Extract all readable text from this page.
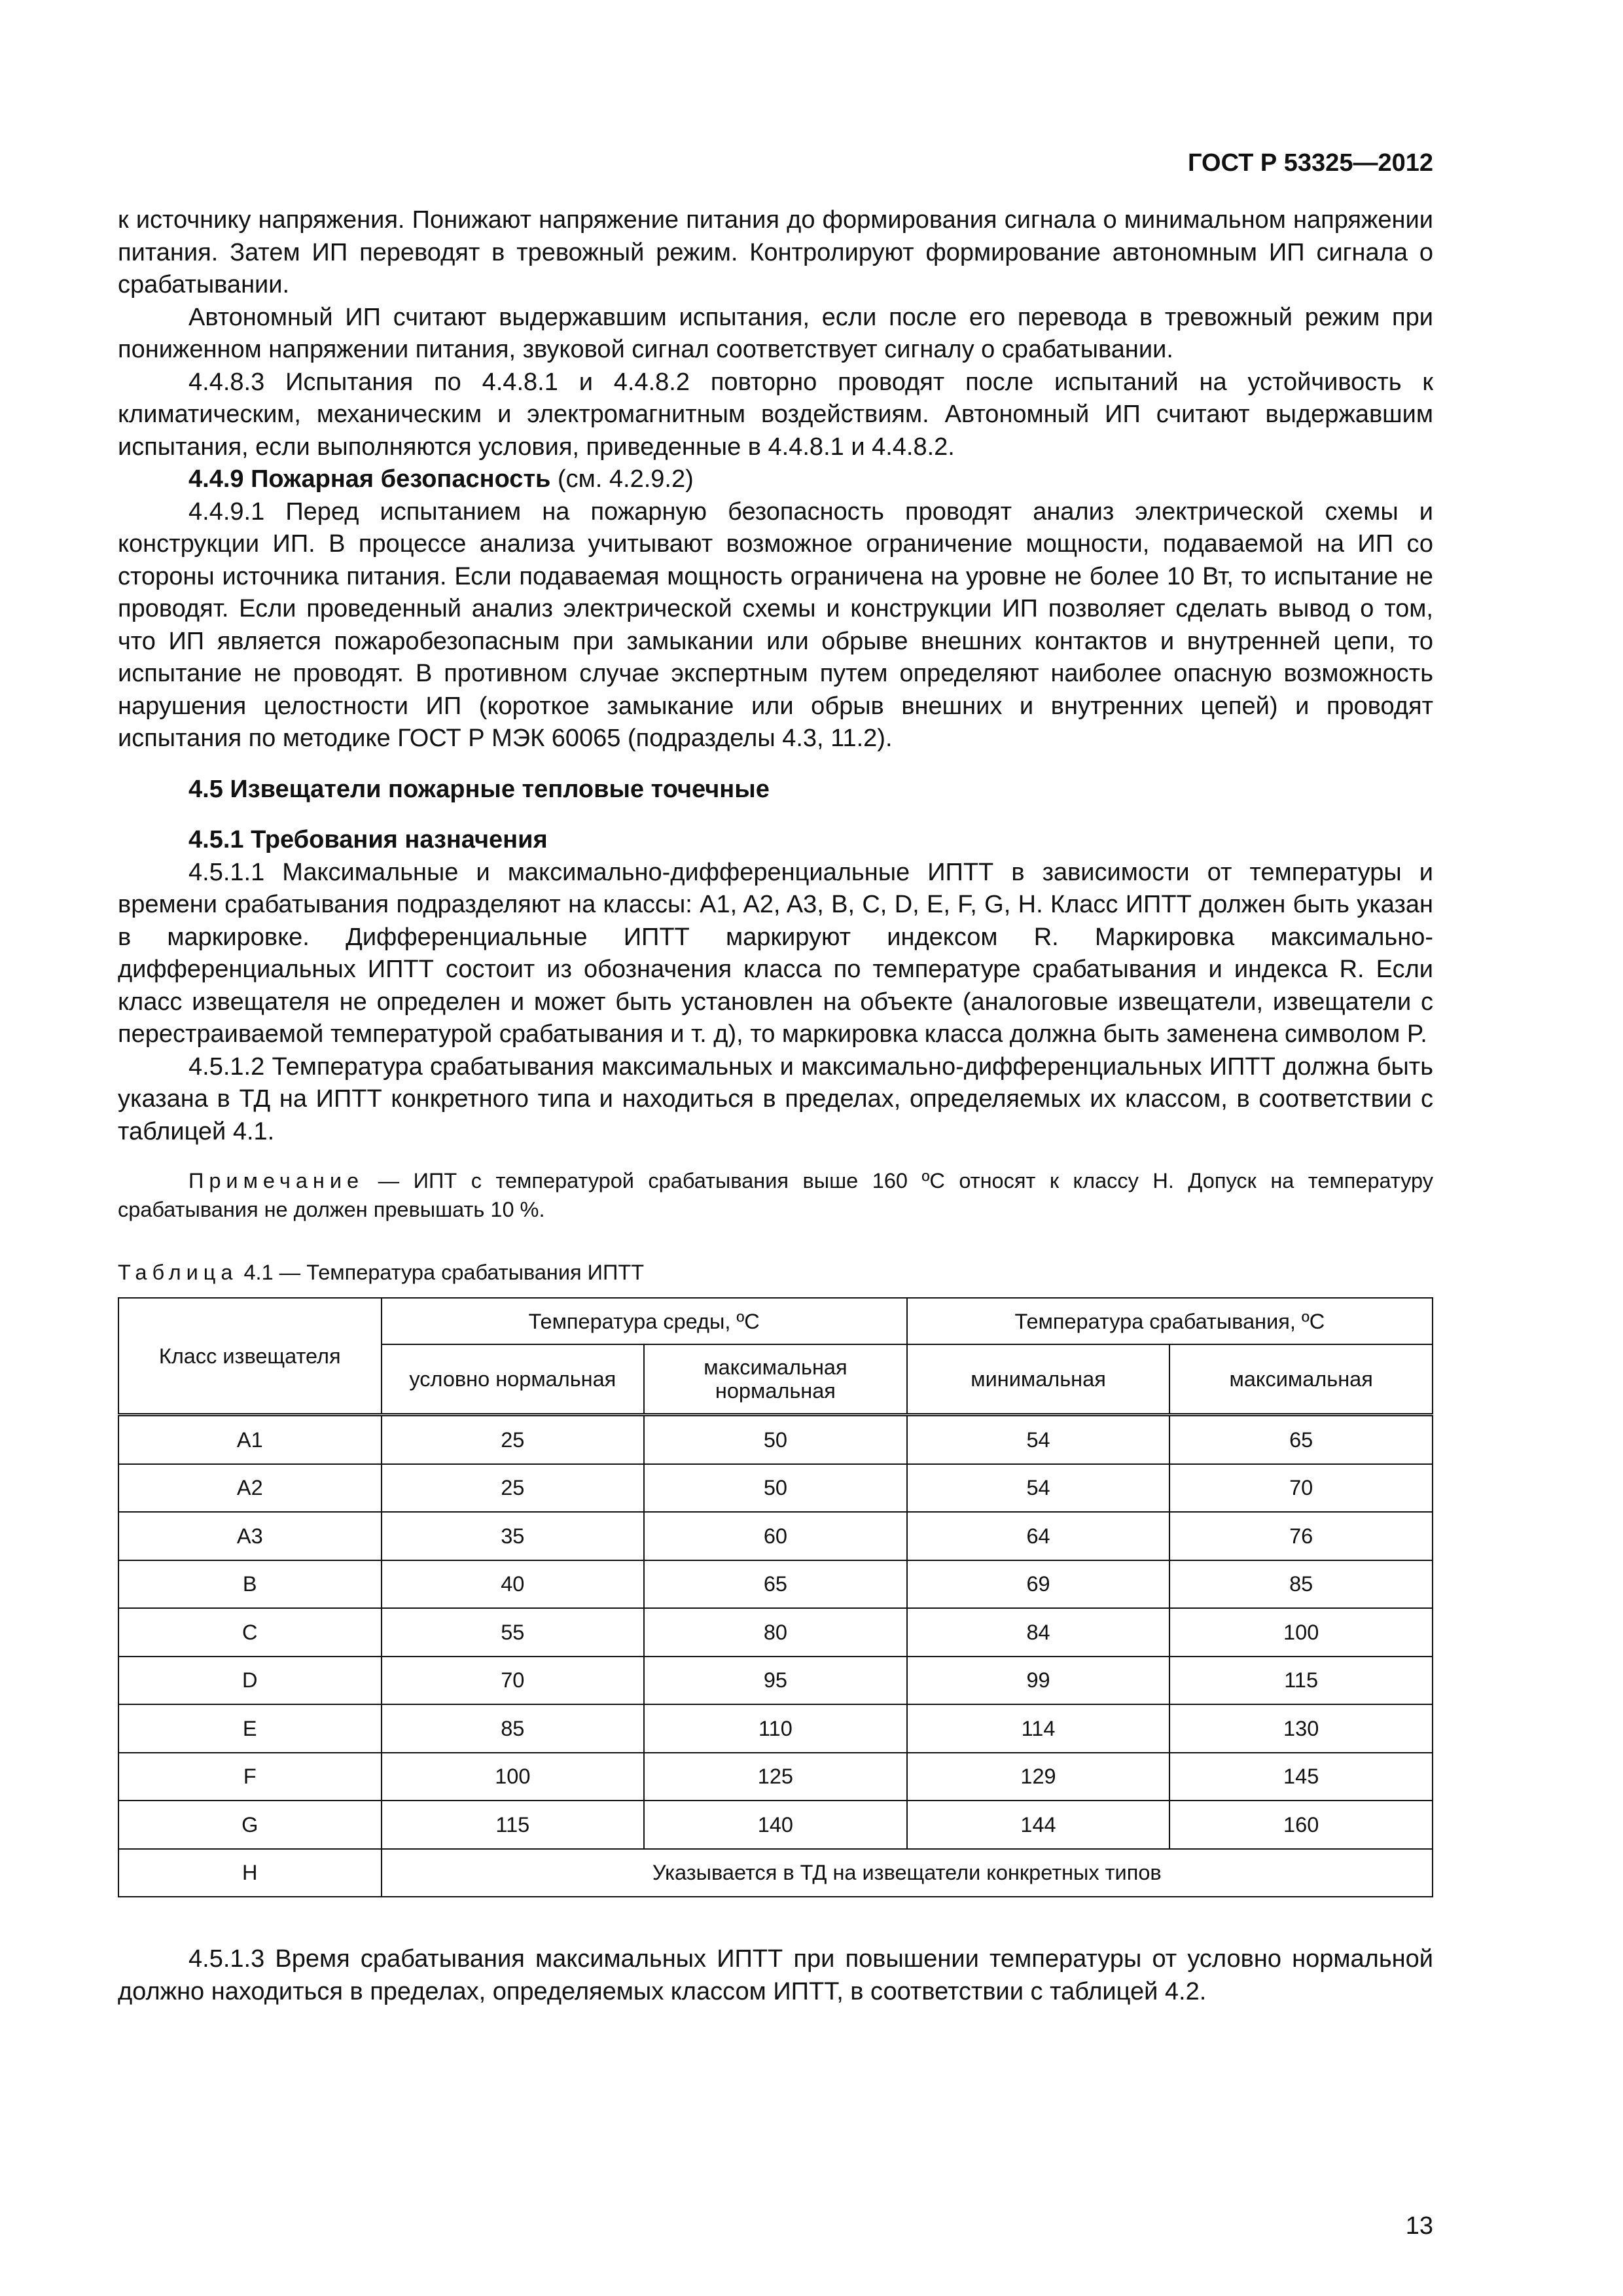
ГОСТ Р 53325—2012

к источнику напряжения. Понижают напряжение питания до формирования сигнала о минимальном напряжении питания. Затем ИП переводят в тревожный режим. Контролируют формирование автономным ИП сигнала о срабатывании.

Автономный ИП считают выдержавшим испытания, если после его перевода в тревожный режим при пониженном напряжении питания, звуковой сигнал соответствует сигналу о срабатывании.

4.4.8.3 Испытания по 4.4.8.1 и 4.4.8.2 повторно проводят после испытаний на устойчивость к климатическим, механическим и электромагнитным воздействиям. Автономный ИП считают выдержавшим испытания, если выполняются условия, приведенные в 4.4.8.1 и 4.4.8.2.

4.4.9 Пожарная безопасность (см. 4.2.9.2)

4.4.9.1 Перед испытанием на пожарную безопасность проводят анализ электрической схемы и конструкции ИП. В процессе анализа учитывают возможное ограничение мощности, подаваемой на ИП со стороны источника питания. Если подаваемая мощность ограничена на уровне не более 10 Вт, то испытание не проводят. Если проведенный анализ электрической схемы и конструкции ИП позволяет сделать вывод о том, что ИП является пожаробезопасным при замыкании или обрыве внешних контактов и внутренней цепи, то испытание не проводят. В противном случае экспертным путем определяют наиболее опасную возможность нарушения целостности ИП (короткое замыкание или обрыв внешних и внутренних цепей) и проводят испытания по методике ГОСТ Р МЭК 60065 (подразделы 4.3, 11.2).

4.5 Извещатели пожарные тепловые точечные

4.5.1 Требования назначения

4.5.1.1 Максимальные и максимально-дифференциальные ИПТТ в зависимости от температуры и времени срабатывания подразделяют на классы: A1, A2, A3, B, C, D, E, F, G, H. Класс ИПТТ должен быть указан в маркировке. Дифференциальные ИПТТ маркируют индексом R. Маркировка максимально-дифференциальных ИПТТ состоит из обозначения класса по температуре срабатывания и индекса R. Если класс извещателя не определен и может быть установлен на объекте (аналоговые извещатели, извещатели с перестраиваемой температурой срабатывания и т. д), то маркировка класса должна быть заменена символом P.

4.5.1.2 Температура срабатывания максимальных и максимально-дифференциальных ИПТТ должна быть указана в ТД на ИПТТ конкретного типа и находиться в пределах, определяемых их классом, в соответствии с таблицей 4.1.

Примечание — ИПТ с температурой срабатывания выше 160 ºС относят к классу H. Допуск на температуру срабатывания не должен превышать 10 %.

Таблица 4.1 — Температура срабатывания ИПТТ

Класс извещателя	Температура среды, ºС		Температура срабатывания, ºС	
	условно нормальная	максимальная нормальная	минимальная	максимальная
A1	25	50	54	65
A2	25	50	54	70
A3	35	60	64	76
B	40	65	69	85
C	55	80	84	100
D	70	95	99	115
E	85	110	114	130
F	100	125	129	145
G	115	140	144	160
H	Указывается в ТД на извещатели конкретных типов			

4.5.1.3 Время срабатывания максимальных ИПТТ при повышении температуры от условно нормальной должно находиться в пределах, определяемых классом ИПТТ, в соответствии с таблицей 4.2.

13
